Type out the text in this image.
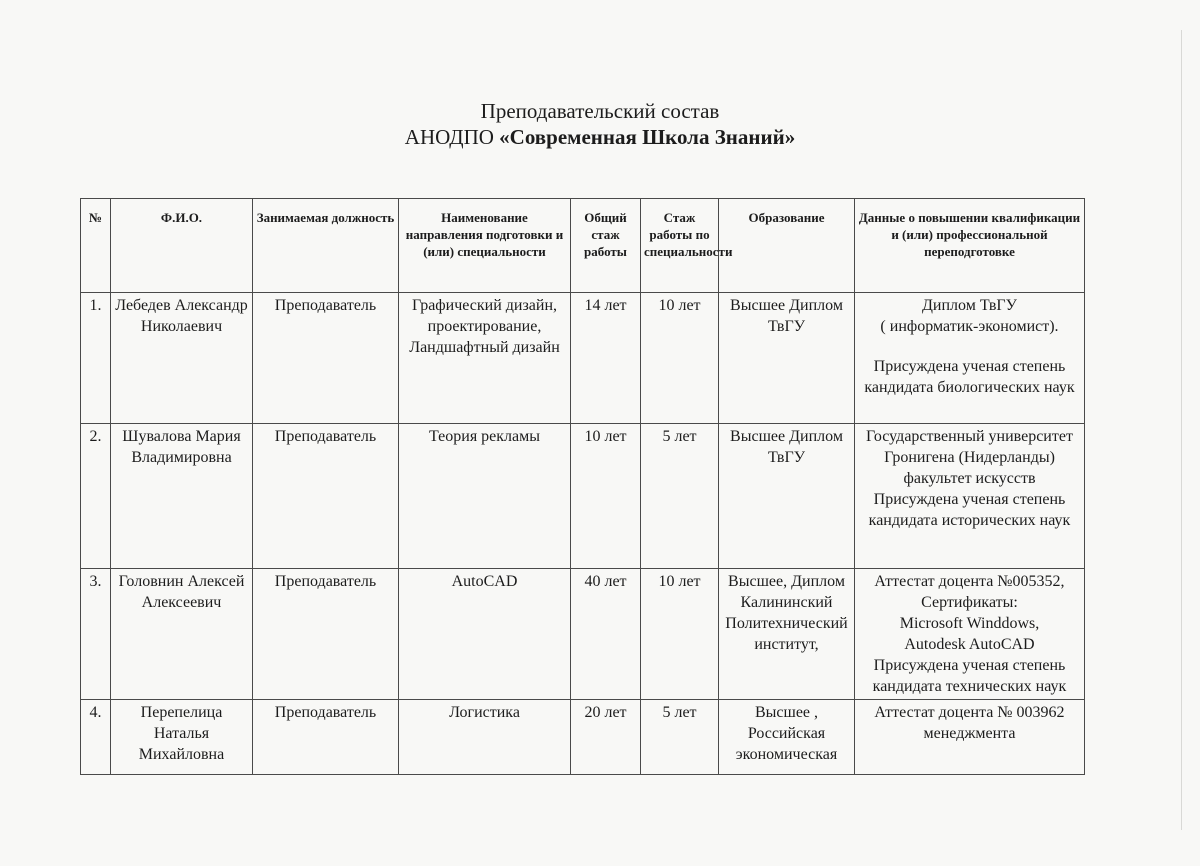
Преподавательский состав
АНОДПО «Современная Школа Знаний»
№	Ф.И.О.	Занимаемая должность	Наименование направления подготовки и (или) специальности	Общий стаж работы	Стаж работы по специальности	Образование	Данные о повышении квалификации и (или) профессиональной переподготовке
1.	Лебедев Александр Николаевич	Преподаватель	Графический дизайн, проектирование, Ландшафтный дизайн	14 лет	10 лет	Высшее Диплом ТвГУ	Диплом ТвГУ
( информатик-экономист).
Присуждена ученая степень кандидата биологических наук

2.	Шувалова Мария Владимировна	Преподаватель	Теория рекламы	10 лет	5 лет	Высшее Диплом ТвГУ	Государственный университет Гронигена (Нидерланды) факультет искусств
Присуждена ученая степень кандидата исторических наук

3.	Головнин Алексей Алексеевич	Преподаватель	AutoCAD	40 лет	10 лет	Высшее, Диплом Калининский Политехнический институт,	Аттестат доцента №005352,
Сертификаты:
Microsoft Winddows,
Autodesk AutoCAD
Присуждена ученая степень кандидата технических наук

4.	Перепелица Наталья Михайловна	Преподаватель	Логистика	20 лет	5 лет	Высшее , Российская экономическая	Аттестат доцента № 003962
менеджмента
